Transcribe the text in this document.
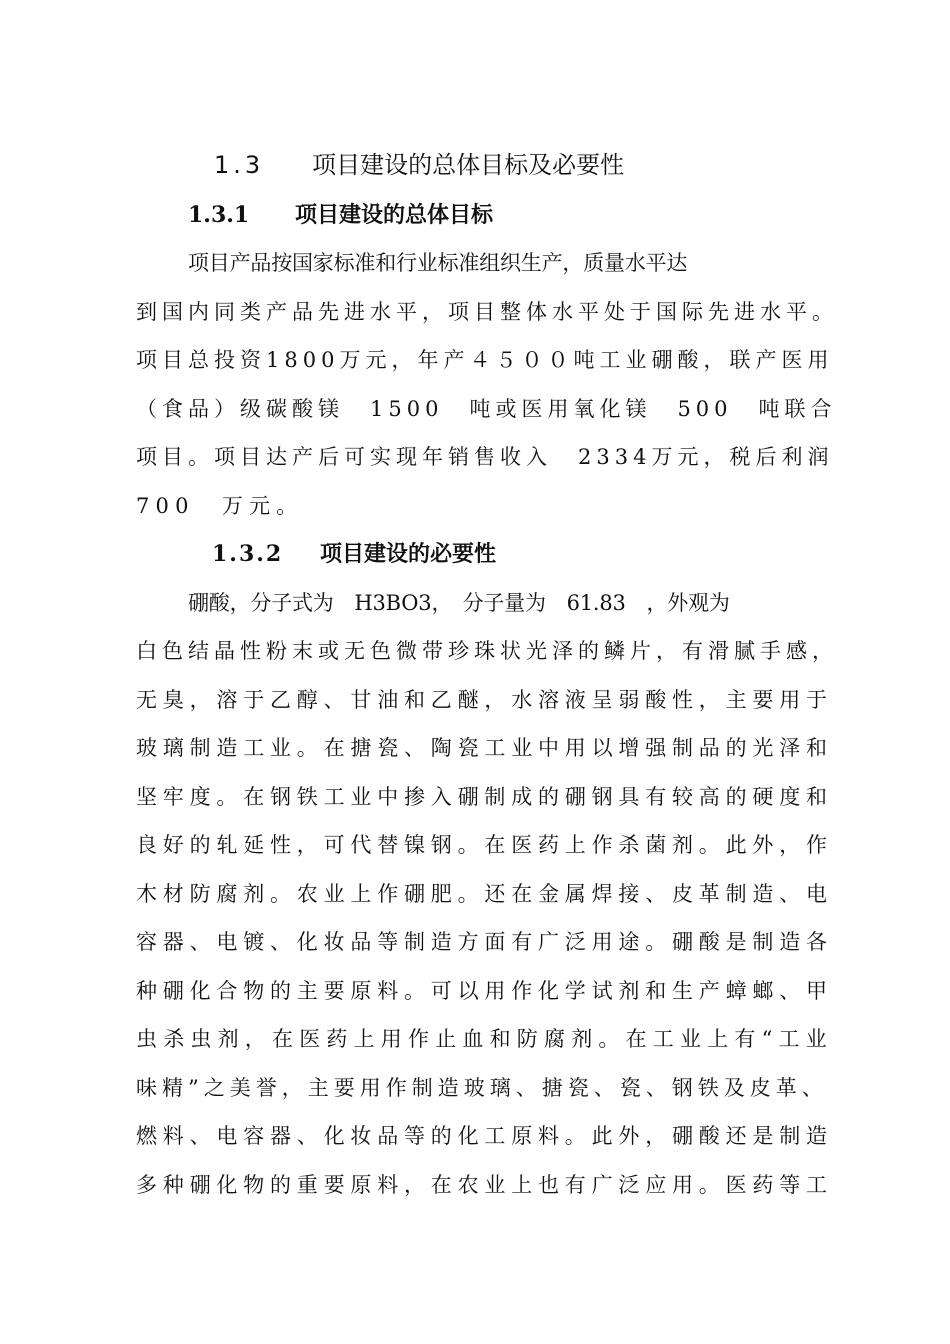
1.3 项目建设的总体目标及必要性
1.3.1 项目建设的总体目标
项目产品按国家标准和行业标准组织生产，质量水平达
到国内同类产品先进水平，项目整体水平处于国际先进水平。
项目总投资1800万元，年产４５００吨工业硼酸，联产医用
（食品）级碳酸镁　1500　吨或医用氧化镁　500　吨联合
项目。项目达产后可实现年销售收入　2334万元，税后利润
700　万元。
1.3.2 项目建设的必要性
硼酸，分子式为　H3BO3，　分子量为　61.83　，外观为
白色结晶性粉末或无色微带珍珠状光泽的鳞片，有滑腻手感，
无臭，溶于乙醇、甘油和乙醚，水溶液呈弱酸性，主要用于
玻璃制造工业。在搪瓷、陶瓷工业中用以增强制品的光泽和
坚牢度。在钢铁工业中掺入硼制成的硼钢具有较高的硬度和
良好的轧延性，可代替镍钢。在医药上作杀菌剂。此外，作
木材防腐剂。农业上作硼肥。还在金属焊接、皮革制造、电
容器、电镀、化妆品等制造方面有广泛用途。硼酸是制造各
种硼化合物的主要原料。可以用作化学试剂和生产蟑螂、甲
虫杀虫剂，在医药上用作止血和防腐剂。在工业上有“工业
味精”之美誉，主要用作制造玻璃、搪瓷、瓷、钢铁及皮革、
燃料、电容器、化妆品等的化工原料。此外，硼酸还是制造
多种硼化物的重要原料，在农业上也有广泛应用。医药等工
